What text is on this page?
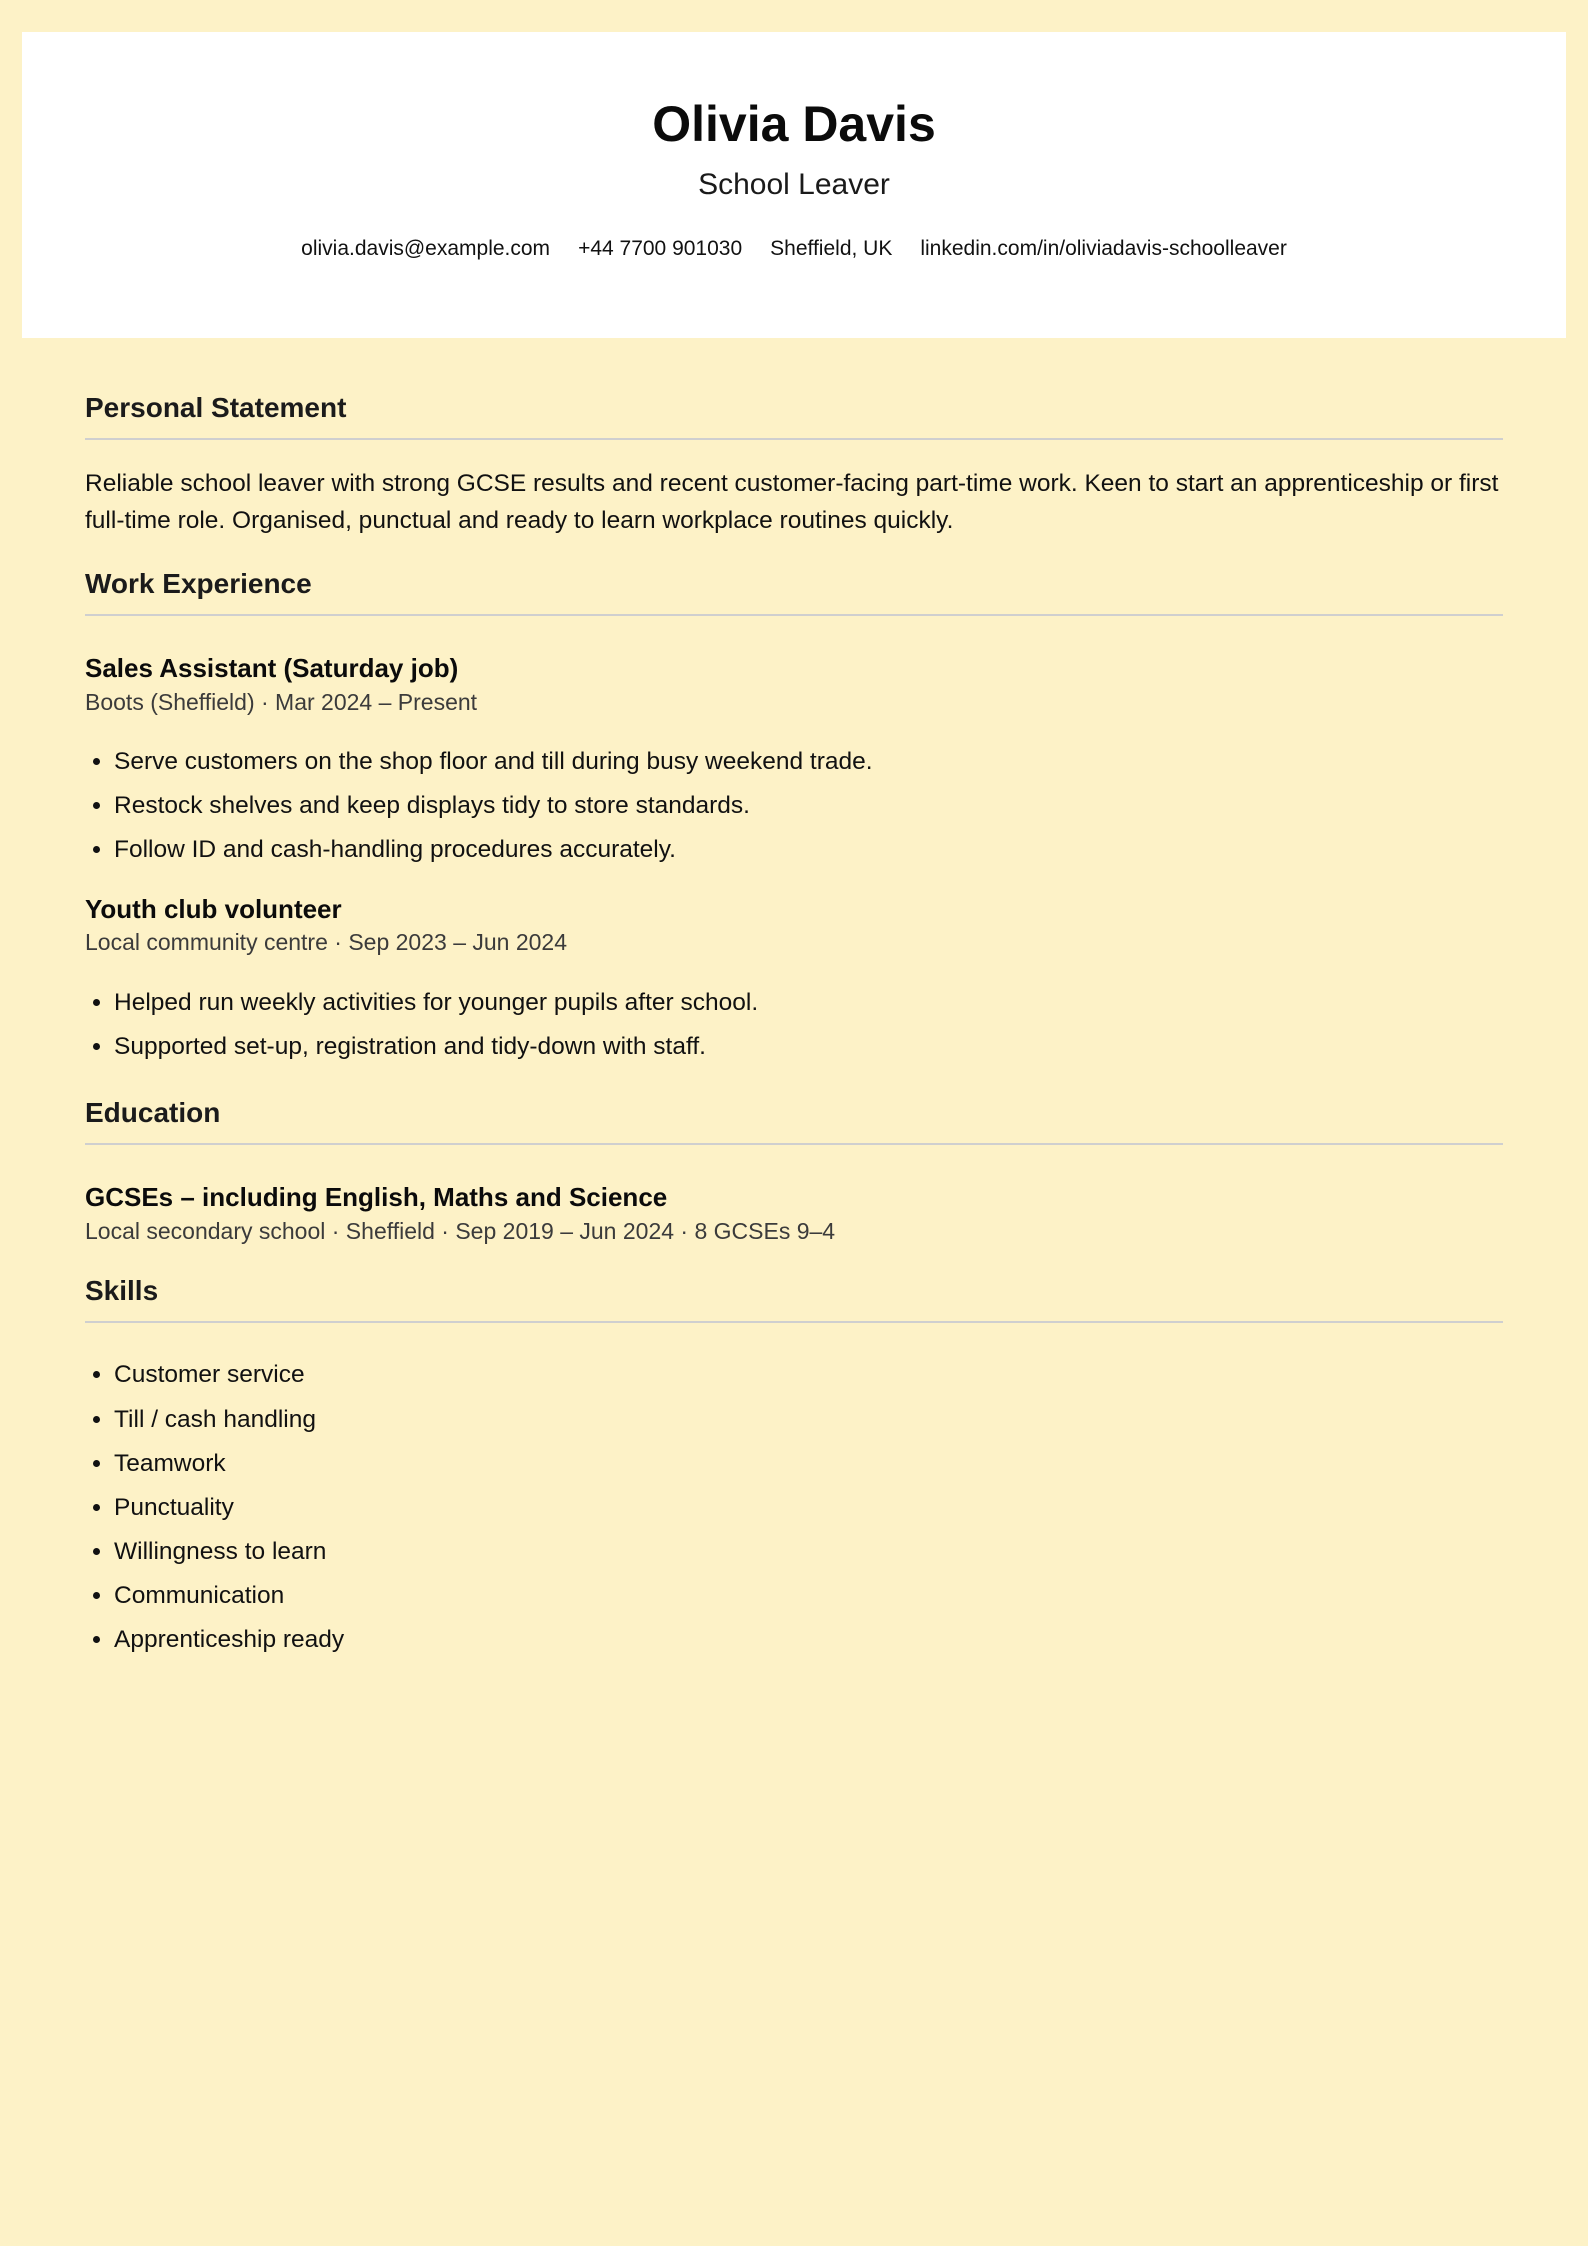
Olivia Davis
School Leaver
olivia.davis@example.com +44 7700 901030 Sheffield, UK linkedin.com/in/oliviadavis-schoolleaver
Personal Statement

Reliable school leaver with strong GCSE results and recent customer-facing part-time work. Keen to start an apprenticeship or first full-time role. Organised, punctual and ready to learn workplace routines quickly.

Work Experience
Sales Assistant (Saturday job)
Boots (Sheffield) · Mar 2024 – Present
• Serve customers on the shop floor and till during busy weekend trade.
• Restock shelves and keep displays tidy to store standards.
• Follow ID and cash-handling procedures accurately.
Youth club volunteer
Local community centre · Sep 2023 – Jun 2024
• Helped run weekly activities for younger pupils after school.
• Supported set-up, registration and tidy-down with staff.
Education
GCSEs – including English, Maths and Science
Local secondary school · Sheffield · Sep 2019 – Jun 2024 · 8 GCSEs 9–4
Skills
• Customer service
• Till / cash handling
• Teamwork
• Punctuality
• Willingness to learn
• Communication
• Apprenticeship ready
